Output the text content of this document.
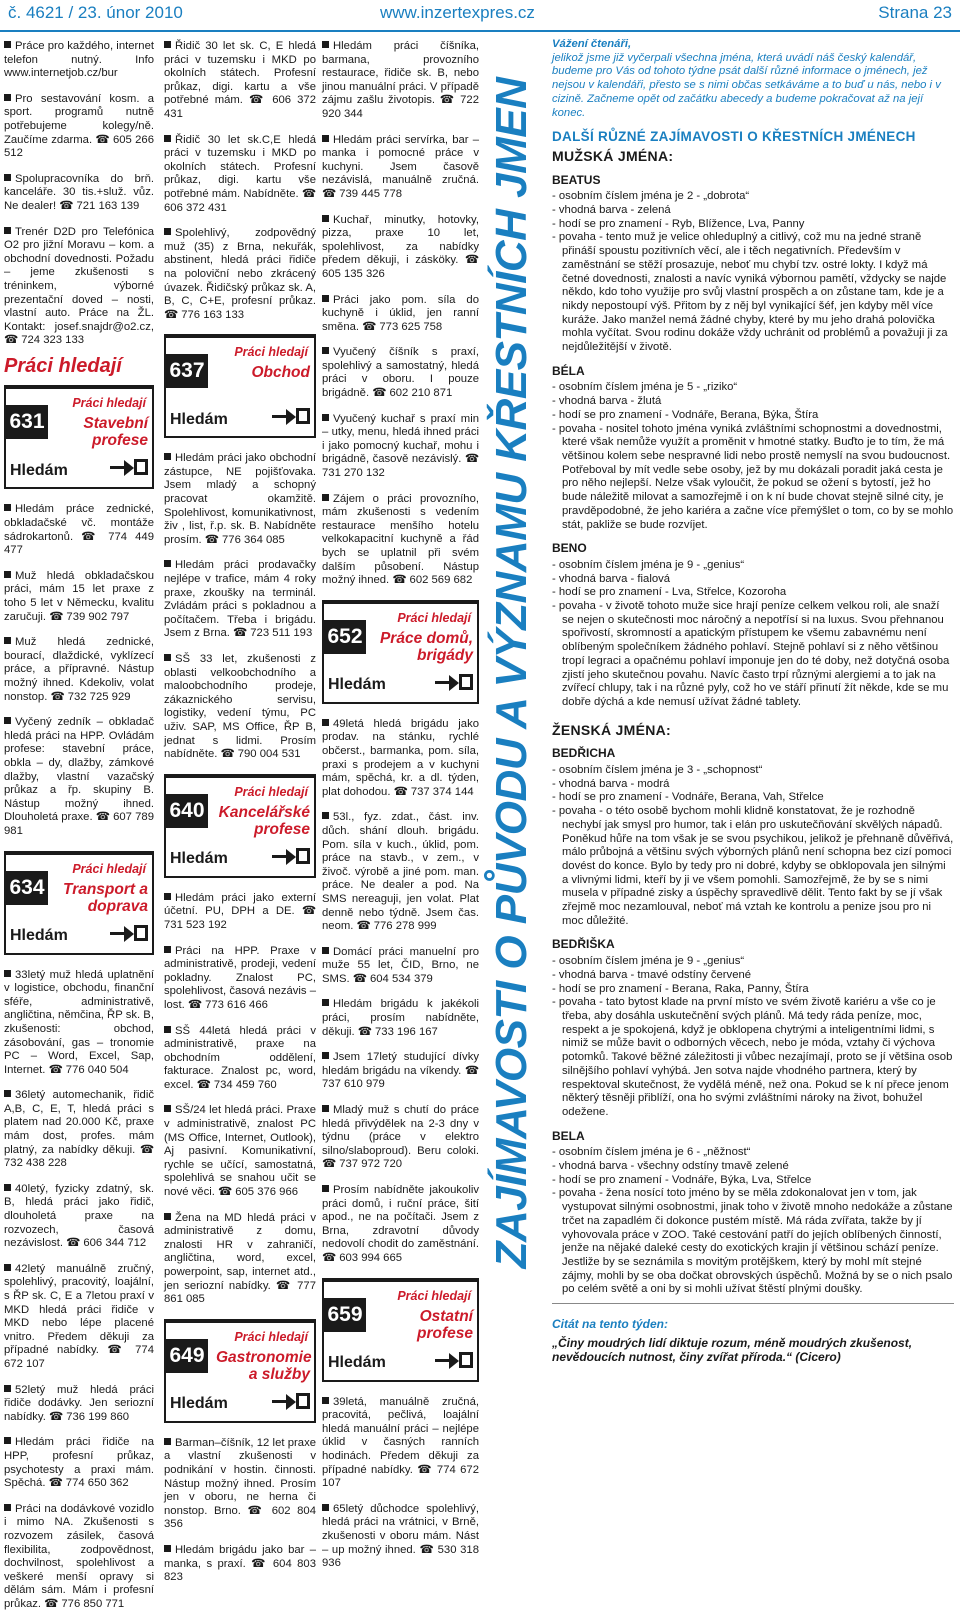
č. 4621 / 23. únor 2010	www.inzertexpres.cz	Strana 23
Práce pro každého, internet telefon nutný. Info www.internetjob.cz/bur
Pro sestavování kosm. a sport. programů nutně potřebujeme kolegy/ně. Zaučíme zdarma. ☎ 605 266 512
Spolupracovníka do brň. kanceláře. 30 tis.+služ. vůz. Ne dealer! ☎ 721 163 139
Trenér D2D pro Telefónica O2 pro jižní Moravu – kom. a obchodní dovednosti. Požadu – jeme zkušenosti s tréninkem, výborné prezentační doved – nosti, vlastní auto. Práce na ŽL. Kontakt: josef.snajdr@o2.cz, ☎ 724 323 133
Práci hledají
Práci hledají
631	Stavební profese
Hledám
Hledám práce zednické, obkladačské vč. montáže sádrokartonů. ☎ 774 449 477
Muž hledá obkladačskou práci, mám 15 let praxe z toho 5 let v Německu, kvalitu zaručuji. ☎ 739 902 797
Muž hledá zednické, bourací, dlaždické, vyklízecí práce, a přípravné. Nástup možný ihned. Kdekoliv, volat nonstop. ☎ 732 725 929
Vyčený zedník – obkladač hledá práci na HPP. Ovládám profese: stavební práce, obkla – dy, dlažby, zámkové dlažby, vlastní vazačský průkaz a řp. skupiny B. Nástup možný ihned. Dlouholetá praxe. ☎ 607 789 981
Práci hledají
634	Transport a doprava
Hledám
33letý muž hledá uplatnění v logistice, obchodu, finanční sféře, administrativě, angličtina, němčina, ŘP sk. B, zkušenosti: obchod, zásobování, gas – tronomie PC – Word, Excel, Sap, Internet. ☎ 776 040 504
36letý automechanik, řidič A,B, C, E, T, hledá práci s platem nad 20.000 Kč, praxe mám dost, profes. mám platný, za nabídky děkuji. ☎ 732 438 228
40letý, fyzicky zdatný, sk. B, hledá práci jako řidič, dlouholetá praxe na rozvozech, časová nezávislost. ☎ 606 344 712
42letý manuálně zručný, spolehlivý, pracovitý, loajální, s ŘP sk. C, E a 7letou praxí v MKD hledá práci řidiče v MKD nebo lépe placené vnitro. Předem děkuji za případné nabídky. ☎ 774 672 107
52letý muž hledá práci řidiče dodávky. Jen seriozní nabídky. ☎ 736 199 860
Hledám práci řidiče na HPP, profesní průkaz, psychotesty a praxi mám. Spěchá. ☎ 774 650 362
Práci na dodávkové vozidlo i mimo NA. Zkušenosti s rozvozem zásilek, časová flexibilita, zodpovědnost, dochvilnost, spolehlivost a veškeré menší opravy si dělám sám. Mám i profesní průkaz. ☎ 776 850 771
Řidič 30 let sk. C, E hledá práci v tuzemsku i MKD po okolních státech. Profesní průkaz, digi. kartu a vše potřebné mám. ☎ 606 372 431
Řidič 30 let sk.C,E hledá práci v tuzemsku i MKD po okolních státech. Profesní průkaz, digi. kartu vše potřebné mám. Nabídněte. ☎ 606 372 431
Spolehlivý, zodpovědný muž (35) z Brna, nekuřák, abstinent, hledá práci řidiče na poloviční nebo zkrácený úvazek. Řidičský průkaz sk. A, B, C, C+E, profesní průkaz. ☎ 776 163 133
Práci hledají
637	Obchod
Hledám
Hledám práci jako obchodní zástupce, NE pojišťovaka. Jsem mladý a schopný pracovat okamžitě. Spolehlivost, komunikativnost, živ , list, ř.p. sk. B. Nabídněte prosím. ☎ 776 364 085
Hledám práci prodavačky nejlépe v trafice, mám 4 roky praxe, zkoušky na terminál. Zvládám práci s pokladnou a počítačem. Třeba i brigádu. Jsem z Brna. ☎ 723 511 193
SŠ 33 let, zkušenosti z oblasti velkoobchodního a maloobchodního prodeje, zákaznického servisu, logistiky, vedení týmu, PC uživ. SAP, MS Office, ŘP B, jednat s lidmi. Prosím nabídněte. ☎ 790 004 531
Práci hledají
640 Kancelářské profese
Hledám
Hledám práci jako externí účetní. PU, DPH a DE. ☎ 731 523 192
Práci na HPP. Praxe v administrativě, prodeji, vedení pokladny. Znalost PC, spolehlivost, časová nezávis – lost. ☎ 773 616 466
SŠ 44letá hledá práci v administrativě, praxe na obchodním oddělení, fakturace. Znalost pc, word, excel. ☎ 734 459 760
SŠ/24 let hledá práci. Praxe v administrativě, znalost PC (MS Office, Internet, Outlook), Aj pasivní. Komunikativní, rychle se učící, samostatná, spolehlivá se snahou učit se nové věci. ☎ 605 376 966
Žena na MD hledá práci v administrativě z domu, znalosti HR v zahraničí, angličtina, word, excel, powerpoint, sap, internet atd., jen seriozní nabídky. ☎ 777 861 085
Práci hledají
649 Gastronomie a služby
Hledám
Barman–číšník, 12 let praxe a vlastní zkušenosti v podnikání v hostin. činnosti. Nástup možný ihned. Prosím jen v oboru, ne herna či nonstop. Brno. ☎ 602 804 356
Hledám brigádu jako bar – manka, s praxí. ☎ 604 803 823
Hledám práci číšníka, barmana, provozního restaurace, řidiče sk. B, nebo jinou manuální práci. V případě zájmu zašlu životopis. ☎ 722 920 344
Hledám práci servírka, bar – manka i pomocné práce v kuchyni. Jsem časově nezávislá, manuálně zručná. ☎ 739 445 778
Kuchař, minutky, hotovky, pizza, praxe 10 let, spolehlivost, za nabídky předem děkuji, i zásköky. ☎ 605 135 326
Práci jako pom. síla do kuchyně i úklid, jen ranní směna. ☎ 773 625 758
Vyučený číšník s praxí, spolehlivý a samostatný, hledá práci v oboru. I pouze brigádně. ☎ 602 210 871
Vyučený kuchař s praxí min – utky, menu, hledá ihned práci i jako pomocný kuchař, mohu i brigádně, časově nezávislý. ☎ 731 270 132
Zájem o práci provozního, mám zkušenosti s vedením restaurace menšího hotelu velkokapacitní kuchyně a řád bych se uplatnil při svém dalším působení. Nástup možný ihned. ☎ 602 569 682
Práci hledají
652	Práce domů, brigády
Hledám
49letá hledá brigádu jako prodav. na stánku, rychlé občerst., barmanka, pom. síla, praxi s prodejem a v kuchyni mám, spěchá, kr. a dl. týden, plat dohodou. ☎ 737 374 144
53l., fyz. zdat., část. inv. důch. shání dlouh. brigádu. Pom. síla v kuch., úklid, pom. práce na stavb., v zem., v živoč. výrobě a jiné pom. man. práce. Ne dealer a pod. Na SMS nereaguji, jen volat. Plat denně nebo týdně. Jsem čas. neom. ☎ 776 278 999
Domácí práci manuelní pro muže 55 let, ČID, Brno, ne SMS. ☎ 604 534 379
Hledám brigádu k jakékoli práci, prosím nabídněte, děkuji. ☎ 733 196 167
Jsem 17letý studující dívky hledám brigádu na víkendy. ☎ 737 610 979
Mladý muž s chutí do práce hledá přivýdělek na 2-3 dny v týdnu (práce v elektro silno/slaboproud). Beru coloki. ☎ 737 972 720
Prosím nabídněte jakoukoliv práci domů, i ruční práce, šití apod., ne na počítači. Jsem z Brna, zdravotní důvody nedovolí chodit do zaměstnání. ☎ 603 994 665
Práci hledají
659	Ostatní profese
Hledám
39letá, manuálně zručná, pracovitá, pečlivá, loajální hledá manuální práci – nejlépe úklid v časných ranních hodinách. Předem děkuji za případné nabídky. ☎ 774 672 107
65letý důchodce spolehlivý, hledá práci na vrátnici, v Brně, zkušenosti v oboru mám. Nást – up možný ihned. ☎ 530 318 936
ZAJÍMAVOSTI O PŮVODU A VÝZNAMU KŘESTNÍCH JMEN
Vážení čtenáři,
jelikož jsme již vyčerpali všechna jména, která uvádí náš český kalendář, budeme pro Vás od tohoto týdne psát další různé informace o jménech, jež nejsou v kalendáři, přesto se s nimi občas setkáváme a to buď u nás, nebo i v cizině. Začneme opět od začátku abecedy a budeme pokračovat až na její konec.
DALŠÍ RŮZNÉ ZAJÍMAVOSTI O KŘESTNÍCH JMÉNECH
MUŽSKÁ JMÉNA:
BEATUS
- osobním číslem jména je 2 - „dobrota“
- vhodná barva - zelená
- hodí se pro znamení - Ryb, Blížence, Lva, Panny
- povaha - tento muž je velice ohleduplný a citlivý, což mu na jedné straně přináší spoustu pozitivních věcí, ale i těch negativních. Především v zaměstnání se stěží prosazuje, neboť mu chybí tzv. ostré lokty. I když má četné dovednosti, znalosti a navíc vyniká výbornou pamětí, vždycky se najde někdo, kdo toho využije pro svůj vlastní prospěch a on zůstane tam, kde je a nikdy nepostoupí výš. Přitom by z něj byl vynikající šéf, jen kdyby měl více kuráže. Jako manžel nemá žádné chyby, které by mu jeho drahá polovička mohla vyčítat. Svou rodinu dokáže vždy uchránit od problémů a považuji ji za nejdůležitější v životě.
BÉLA
- osobním číslem jména je 5 - „riziko“
- vhodná barva - žlutá
- hodí se pro znamení - Vodnáře, Berana, Býka, Štíra
- povaha - nositel tohoto jména vyniká zvláštními schopnostmi a dovednostmi, které však nemůže využít a proměnit v hmotné statky. Buďto je to tím, že má většinou kolem sebe nespravné lidi nebo prostě nemyslí na svou budoucnost. Potřeboval by mít vedle sebe osoby, jež by mu dokázali poradit jaká cesta je pro něho nejlepší. Nelze však vyloučit, že pokud se ožení s bytostí, jež ho bude náležitě milovat a samozřejmě i on k ní bude chovat stejně silné city, je pravděpodobné, že jeho kariéra a začne více přemýšlet o tom, co by se mohlo stát, pakliže se bude rozvíjet.
BENO
- osobním číslem jména je 9 - „genius“
- vhodná barva - fialová
- hodí se pro znamení - Lva, Střelce, Kozoroha
- povaha - v životě tohoto muže sice hrají peníze celkem velkou roli, ale snaží se nejen o skutečnosti moc náročný a nepotřísí si na luxus. Svou přehnanou spořivostí, skromností a apatickým přístupem ke všemu zabavnému není oblíbeným společníkem žádného pohlaví. Stejně pohlaví si z něho většinou tropí legraci a opačnému pohlaví imponuje jen do té doby, než dotyčná osoba zjistí jeho skutečnou povahu. Navíc často trpí různými alergiemi a to jak na zvířecí chlupy, tak i na různé pyly, což ho ve stáří přinutí žít někde, kde se mu dobře dýchá a kde nemusí užívat žádné tablety.
ŽENSKÁ JMÉNA:
BEDŘICHA
- osobním číslem jména je 3 - „schopnost“
- vhodná barva - modrá
- hodí se pro znamení - Vodnáře, Berana, Vah, Střelce
- povaha - o této osobě bychom mohli klidně konstatovat, že je rozhodně nechybí jak smysl pro humor, tak i elán pro uskutečňování skvělých nápadů. Poněkud hůře na tom však je se svou psychikou, jelikož je přehnaně důvěřivá, málo průbojná a většinu svých výborných plánů není schopna bez cizí pomoci dovést do konce. Bylo by tedy pro ni dobré, kdyby se obklopovala jen silnými a vlivnými lidmi, kteří by ji ve všem pomohli. Samozřejmě, že by se s nimi musela v případné zisky a úspěchy spravedlivě dělit. Tento fakt by se jí však zřejmě moc nezamlouval, neboť má vztah ke kontrolu a penize jsou pro ni moc důležité.
BEDŘIŠKA
- osobním číslem jména je 9 - „genius“
- vhodná barva - tmavé odstíny červené
- hodí se pro znamení - Berana, Raka, Panny, Štíra
- povaha - tato bytost klade na první místo ve svém životě kariéru a vše co je třeba, aby dosáhla uskutečnění svých plánů. Má tedy ráda peníze, moc, respekt a je spokojená, když je obklopena chytrými a inteligentními lidmi, s nimiž se může bavit o odborných věcech, nebo je móda, vztahy či výchova potomků. Takové běžné záležitosti ji vůbec nezajímají, proto se jí většina osob silnějšího pohlaví vyhýbá. Jen sotva najde vhodného partnera, který by respektoval skutečnost, že vydělá méně, než ona. Pokud se k ní přece jenom některý těsněji přiblíží, ona ho svými zvláštními nároky na život, bohužel odežene.
BELA
- osobním číslem jména je 6 - „něžnost“
- vhodná barva - všechny odstíny tmavě zelené
- hodí se pro znamení - Vodnáře, Býka, Lva, Střelce
- povaha - žena nosící toto jméno by se měla zdokonalovat jen v tom, jak vystupovat silnými osobnostmi, jinak toho v životě mnoho nedokáže a zůstane trčet na zapadlém či dokonce pustém místě. Má ráda zvířata, takže by jí vyhovovala práce v ZOO. Také cestování patří do jejích oblíbených činností, jenže na nějaké daleké cesty do exotických krajin jí většinou schází peníze. Jestliže by se seznámila s movitým protějškem, který by mohl mít stejné zájmy, mohli by se oba dočkat obrovských úspěchů. Možná by se o nich psalo po celém světě a oni by si mohli užívat štěstí plnými doušky.
Citát na tento týden:
„Činy moudrých lidí diktuje rozum, méně moudrých zkušenost, nevědoucích nutnost, činy zvířat příroda.“ (Cicero)
